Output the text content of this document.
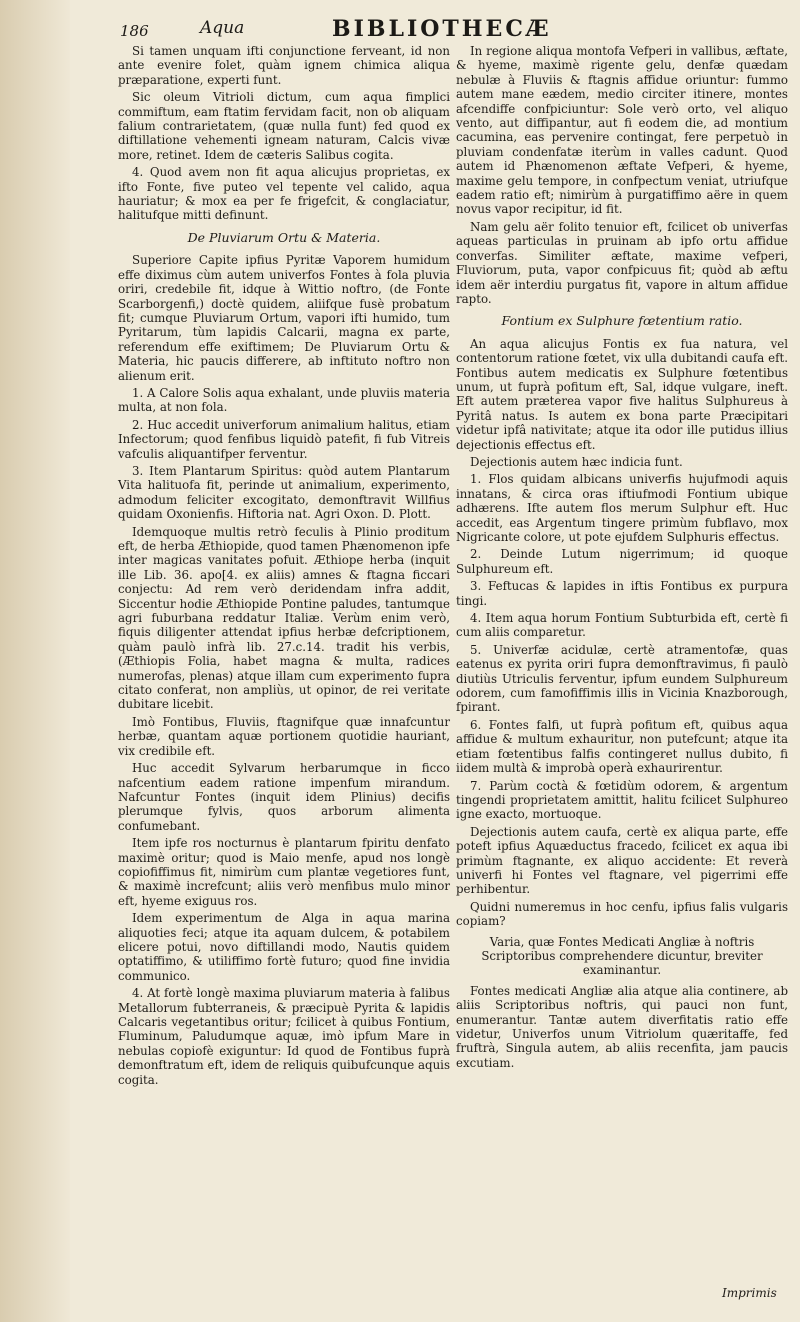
186	Aqua	BIBLIOTHECÆ

Si tamen unquam ifti conjunctione ferveant, id non ante evenire folet, quàm ignem chimica aliqua præparatione, experti funt.

Sic oleum Vitrioli dictum, cum aqua fimplici commiftum, eam ftatim fervidam facit, non ob aliquam falium contrarietatem, (quæ nulla funt) fed quod ex diftillatione vehementi igneam naturam, Calcis vivæ more, retinet. Idem de cæteris Salibus cogita.

4. Quod avem non fit aqua alicujus proprietas, ex ifto Fonte, five puteo vel tepente vel calido, aqua hauriatur; & mox ea per fe frigefcit, & conglaciatur, halitufque mitti definunt.

De Pluviarum Ortu & Materia.

Superiore Capite ipfius Pyritæ Vaporem humidum effe diximus cùm autem univerfos Fontes à fola pluvia oriri, credebile fit, idque à Wittio noftro, (de Fonte Scarborgenfi,) doctè quidem, aliifque fusè probatum fit; cumque Pluviarum Ortum, vapori ifti humido, tum Pyritarum, tùm lapidis Calcarii, magna ex parte, referendum effe exiftimem; De Pluviarum Ortu & Materia, hic paucis differere, ab inftituto noftro non alienum erit.

1. A Calore Solis aqua exhalant, unde pluviis materia multa, at non fola.

2. Huc accedit univerforum animalium halitus, etiam Infectorum; quod fenfibus liquidò patefit, fi fub Vitreis vafculis aliquantifper ferventur.

3. Item Plantarum Spiritus: quòd autem Plantarum Vita halituofa fit, perinde ut animalium, experimento, admodum feliciter excogitato, demonftravit Willfius quidam Oxonienfis. Hiftoria nat. Agri Oxon. D. Plott.

Idemquoque multis retrò feculis à Plinio proditum eft, de herba Æthiopide, quod tamen Phænomenon ipfe inter magicas vanitates pofuit. Æthiope herba (inquit ille Lib. 36. apo[4. ex aliis) amnes & ftagna ficcari conjectu: Ad rem verò deridendam infra addit, Siccentur hodie Æthiopide Pontine paludes, tantumque agri fuburbana reddatur Italiæ. Verùm enim verò, fiquis diligenter attendat ipfius herbæ defcriptionem, quàm paulò infrà lib. 27.c.14. tradit his verbis, (Æthiopis Folia, habet magna & multa, radices numerofas, plenas) atque illam cum experimento fupra citato conferat, non ampliùs, ut opinor, de rei veritate dubitare licebit.

Imò Fontibus, Fluviis, ftagnifque quæ innafcuntur herbæ, quantam aquæ portionem quotidie hauriant, vix credibile eft.

Huc accedit Sylvarum herbarumque in ficco nafcentium eadem ratione impenfum mirandum. Nafcuntur Fontes (inquit idem Plinius) decifis plerumque fylvis, quos arborum alimenta confumebant.

Item ipfe ros nocturnus è plantarum fpiritu denfato maximè oritur; quod is Maio menfe, apud nos longè copiofiffimus fit, nimirùm cum plantæ vegetiores funt, & maximè increfcunt; aliis verò menfibus mulo minor eft, hyeme exiguus ros.

Idem experimentum de Alga in aqua marina aliquoties feci; atque ita aquam dulcem, & potabilem elicere potui, novo diftillandi modo, Nautis quidem optatiffimo, & utiliffimo fortè futuro; quod fine invidia communico.

4. At fortè longè maxima pluviarum materia à falibus Metallorum fubterraneis, & præcipuè Pyrita & lapidis Calcaris vegetantibus oritur; fcilicet à quibus Fontium, Fluminum, Paludumque aquæ, imò ipfum Mare in nebulas copiofè exiguntur: Id quod de Fontibus fuprà demonftratum eft, idem de reliquis quibufcunque aquis cogita.

In regione aliqua montofa Vefperi in vallibus, æftate, & hyeme, maximè rigente gelu, denfæ quædam nebulæ à Fluviis & ftagnis affidue oriuntur: fummo autem mane eædem, medio circiter itinere, montes afcendiffe confpiciuntur: Sole verò orto, vel aliquo vento, aut diffipantur, aut fi eodem die, ad montium cacumina, eas pervenire contingat, fere perpetuò in pluviam condenfatæ iterùm in valles cadunt. Quod autem id Phænomenon æftate Vefperi, & hyeme, maxime gelu tempore, in confpectum veniat, utriufque eadem ratio eft; nimirùm à purgatiffimo aëre in quem novus vapor recipitur, id fit.

Nam gelu aër folito tenuior eft, fcilicet ob univerfas aqueas particulas in pruinam ab ipfo ortu affidue converfas. Similiter æftate, maxime vefperi, Fluviorum, puta, vapor confpicuus fit; quòd ab æftu idem aër interdiu purgatus fit, vapore in altum affidue rapto.

Fontium ex Sulphure fœtentium ratio.

An aqua alicujus Fontis ex fua natura, vel contentorum ratione fœtet, vix ulla dubitandi caufa eft. Fontibus autem medicatis ex Sulphure fœtentibus unum, ut fuprà pofitum eft, Sal, idque vulgare, ineft. Eft autem præterea vapor five halitus Sulphureus à Pyritâ natus. Is autem ex bona parte Præcipitari videtur ipfâ nativitate; atque ita odor ille putidus illius dejectionis effectus eft.

Dejectionis autem hæc indicia funt.

1. Flos quidam albicans univerfis hujufmodi aquis innatans, & circa oras iftiufmodi Fontium ubique adhærens. Ifte autem flos merum Sulphur eft. Huc accedit, eas Argentum tingere primùm fubflavo, mox Nigricante colore, ut pote ejufdem Sulphuris effectus.

2. Deinde Lutum nigerrimum; id quoque Sulphureum eft.

3. Feftucas & lapides in iftis Fontibus ex purpura tingi.

4. Item aqua horum Fontium Subturbida eft, certè fi cum aliis comparetur.

5. Univerfæ acidulæ, certè atramentofæ, quas eatenus ex pyrita oriri fupra demonftravimus, fi paulò diutiùs Utriculis ferventur, ipfum eundem Sulphureum odorem, cum famofiffimis illis in Vicinia Knazborough, fpirant.

6. Fontes falfi, ut fuprà pofitum eft, quibus aqua affidue & multum exhauritur, non putefcunt; atque ita etiam fœtentibus falfis contingeret nullus dubito, fi iidem multà & improbà operà exhaurirentur.

7. Parùm coctà & fœtidùm odorem, & argentum tingendi proprietatem amittit, halitu fcilicet Sulphureo igne exacto, mortuoque.

Dejectionis autem caufa, certè ex aliqua parte, effe poteft ipfius Aquæductus fracedo, fcilicet ex aqua ibi primùm ftagnante, ex aliquo accidente: Et reverà univerfi hi Fontes vel ftagnare, vel pigerrimi effe perhibentur.

Quidni numeremus in hoc cenfu, ipfius falis vulgaris copiam?

Varia, quæ Fontes Medicati Angliæ à noftris Scriptoribus comprehendere dicuntur, breviter examinantur.

Fontes medicati Angliæ alia atque alia continere, ab aliis Scriptoribus noftris, qui pauci non funt, enumerantur. Tantæ autem diverfitatis ratio effe videtur, Univerfos unum Vitriolum quæritaffe, fed fruftrà, Singula autem, ab aliis recenfita, jam paucis excutiam.

Imprimis
